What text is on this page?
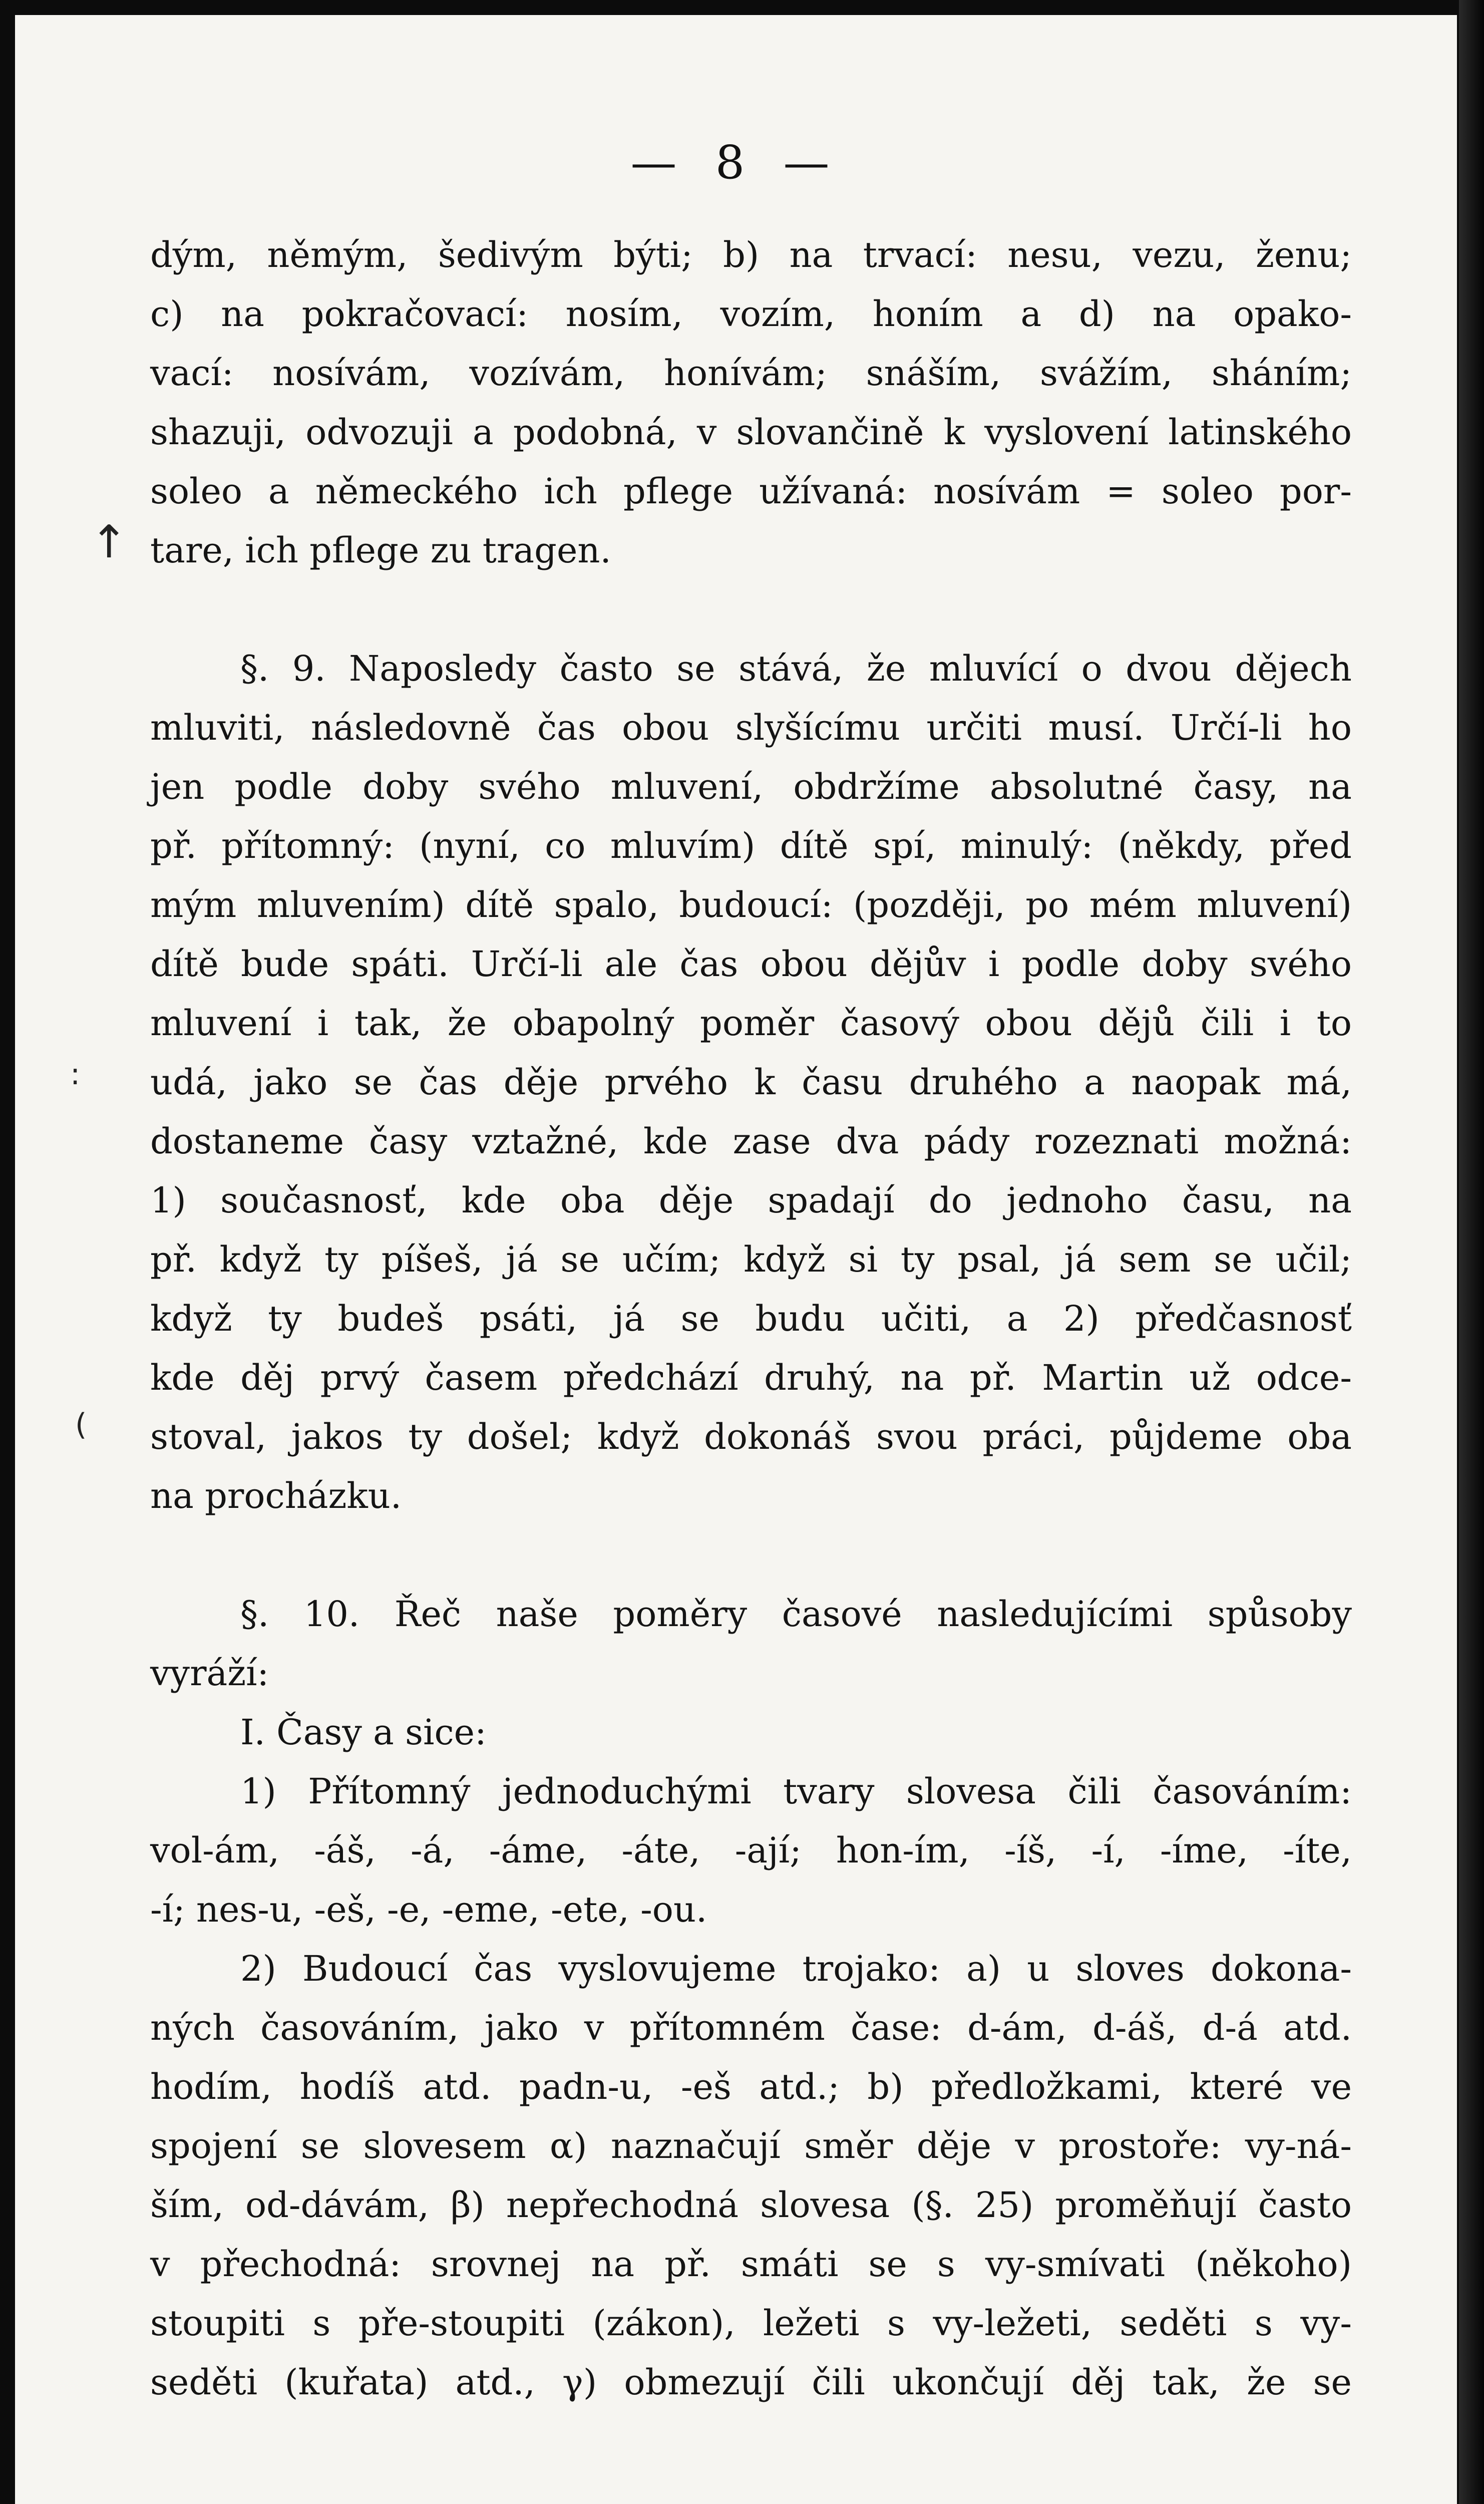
— 8 —
↑
:
(
dým, němým, šedivým býti; b) na trvací: nesu, vezu, ženu;
c) na pokračovací: nosím, vozím, honím a d) na opako-
vací: nosívám, vozívám, honívám; snáším, svážím, sháním;
shazuji, odvozuji a podobná, v slovančině k vyslovení latinského
soleo a německého ich pflege užívaná: nosívám = soleo por-
tare, ich pflege zu tragen.
§. 9. Naposledy často se stává, že mluvící o dvou dějech
mluviti, následovně čas obou slyšícímu určiti musí. Určí-li ho
jen podle doby svého mluvení, obdržíme absolutné časy, na
př. přítomný: (nyní, co mluvím) dítě spí, minulý: (někdy, před
mým mluvením) dítě spalo, budoucí: (později, po mém mluvení)
dítě bude spáti. Určí-li ale čas obou dějův i podle doby svého
mluvení i tak, že obapolný poměr časový obou dějů čili i to
udá, jako se čas děje prvého k času druhého a naopak má,
dostaneme časy vztažné, kde zase dva pády rozeznati možná:
1) současnosť, kde oba děje spadají do jednoho času, na
př. když ty píšeš, já se učím; když si ty psal, já sem se učil;
když ty budeš psáti, já se budu učiti, a 2) předčasnosť
kde děj prvý časem předchází druhý, na př. Martin už odce-
stoval, jakos ty došel; když dokonáš svou práci, půjdeme oba
na procházku.
§. 10. Řeč naše poměry časové nasledujícími spůsoby
vyráží:
I. Časy a sice:
1) Přítomný jednoduchými tvary slovesa čili časováním:
vol-ám, -áš, -á, -áme, -áte, -ají; hon-ím, -íš, -í, -íme, -íte,
-í; nes-u, -eš, -e, -eme, -ete, -ou.
2) Budoucí čas vyslovujeme trojako: a) u sloves dokona-
ných časováním, jako v přítomném čase: d-ám, d-áš, d-á atd.
hodím, hodíš atd. padn-u, -eš atd.; b) předložkami, které ve
spojení se slovesem α) naznačují směr děje v prostoře: vy-ná-
ším, od-dávám, β) nepřechodná slovesa (§. 25) proměňují často
v přechodná: srovnej na př. smáti se s vy-smívati (někoho)
stoupiti s pře-stoupiti (zákon), ležeti s vy-ležeti, seděti s vy-
seděti (kuřata) atd., γ) obmezují čili ukončují děj tak, že se
